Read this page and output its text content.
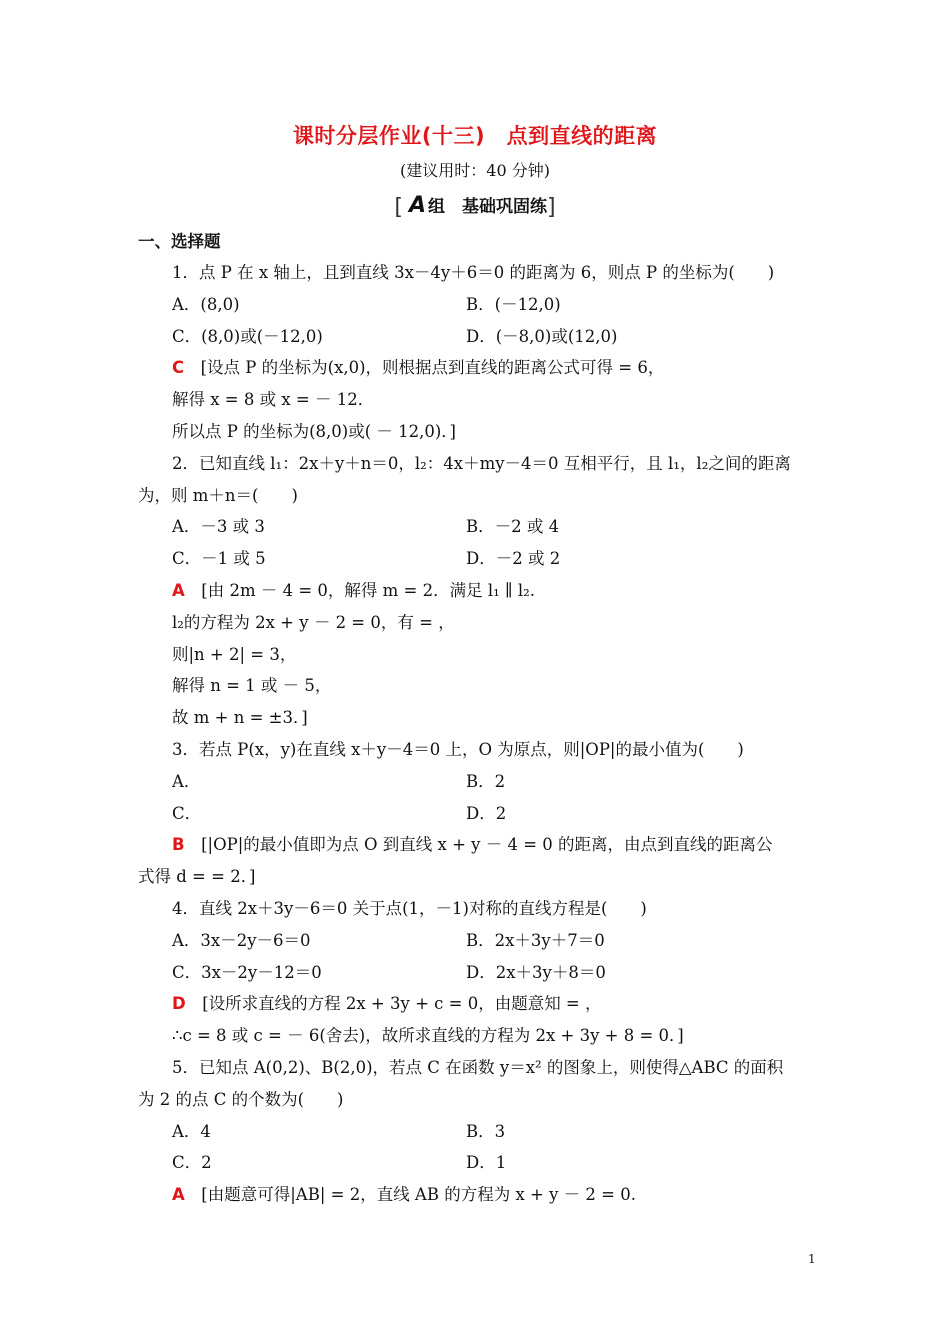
课时分层作业(十三)　点到直线的距离
(建议用时：40 分钟)
[ A 组　基础巩固练]
一、选择题
1．点 P 在 x 轴上，且到直线 3x－4y＋6＝0 的距离为 6，则点 P 的坐标为(　　)
A．(8,0)	B．(－12,0)
C．(8,0)或(－12,0)	D．(－8,0)或(12,0)
C　 [设点 P 的坐标为(x,0)，则根据点到直线的距离公式可得 = 6，
解得 x = 8 或 x = － 12．
所以点 P 的坐标为(8,0)或( － 12,0)．]
2．已知直线 l₁：2x＋y＋n＝0，l₂：4x＋my－4＝0 互相平行，且 l₁，l₂之间的距离
为，则 m＋n＝(　　)
A．－3 或 3	B．－2 或 4
C．－1 或 5	D．－2 或 2
A　 [由 2m － 4 = 0，解得 m = 2．满足 l₁ ∥ l₂.
l₂的方程为 2x + y － 2 = 0，有 = ，
则|n + 2| = 3，
解得 n = 1 或 － 5，
故 m + n = ±3．]
3．若点 P(x，y)在直线 x＋y－4＝0 上，O 为原点，则|OP|的最小值为(　　)
A．	B．2
C．	D．2
B　 [|OP|的最小值即为点 O 到直线 x + y － 4 = 0 的距离，由点到直线的距离公
式得 d = = 2．]
4．直线 2x＋3y－6＝0 关于点(1，－1)对称的直线方程是(　　)
A．3x－2y－6＝0	B．2x＋3y＋7＝0
C．3x－2y－12＝0	D．2x＋3y＋8＝0
D　 [设所求直线的方程 2x + 3y + c = 0，由题意知 = ，
∴c = 8 或 c = － 6(舍去)，故所求直线的方程为 2x + 3y + 8 = 0．]
5．已知点 A(0,2)、B(2,0)，若点 C 在函数 y＝x² 的图象上，则使得△ABC 的面积
为 2 的点 C 的个数为(　　)
A．4	B．3
C．2	D．1
A　 [由题意可得|AB| = 2，直线 AB 的方程为 x + y － 2 = 0.
1
